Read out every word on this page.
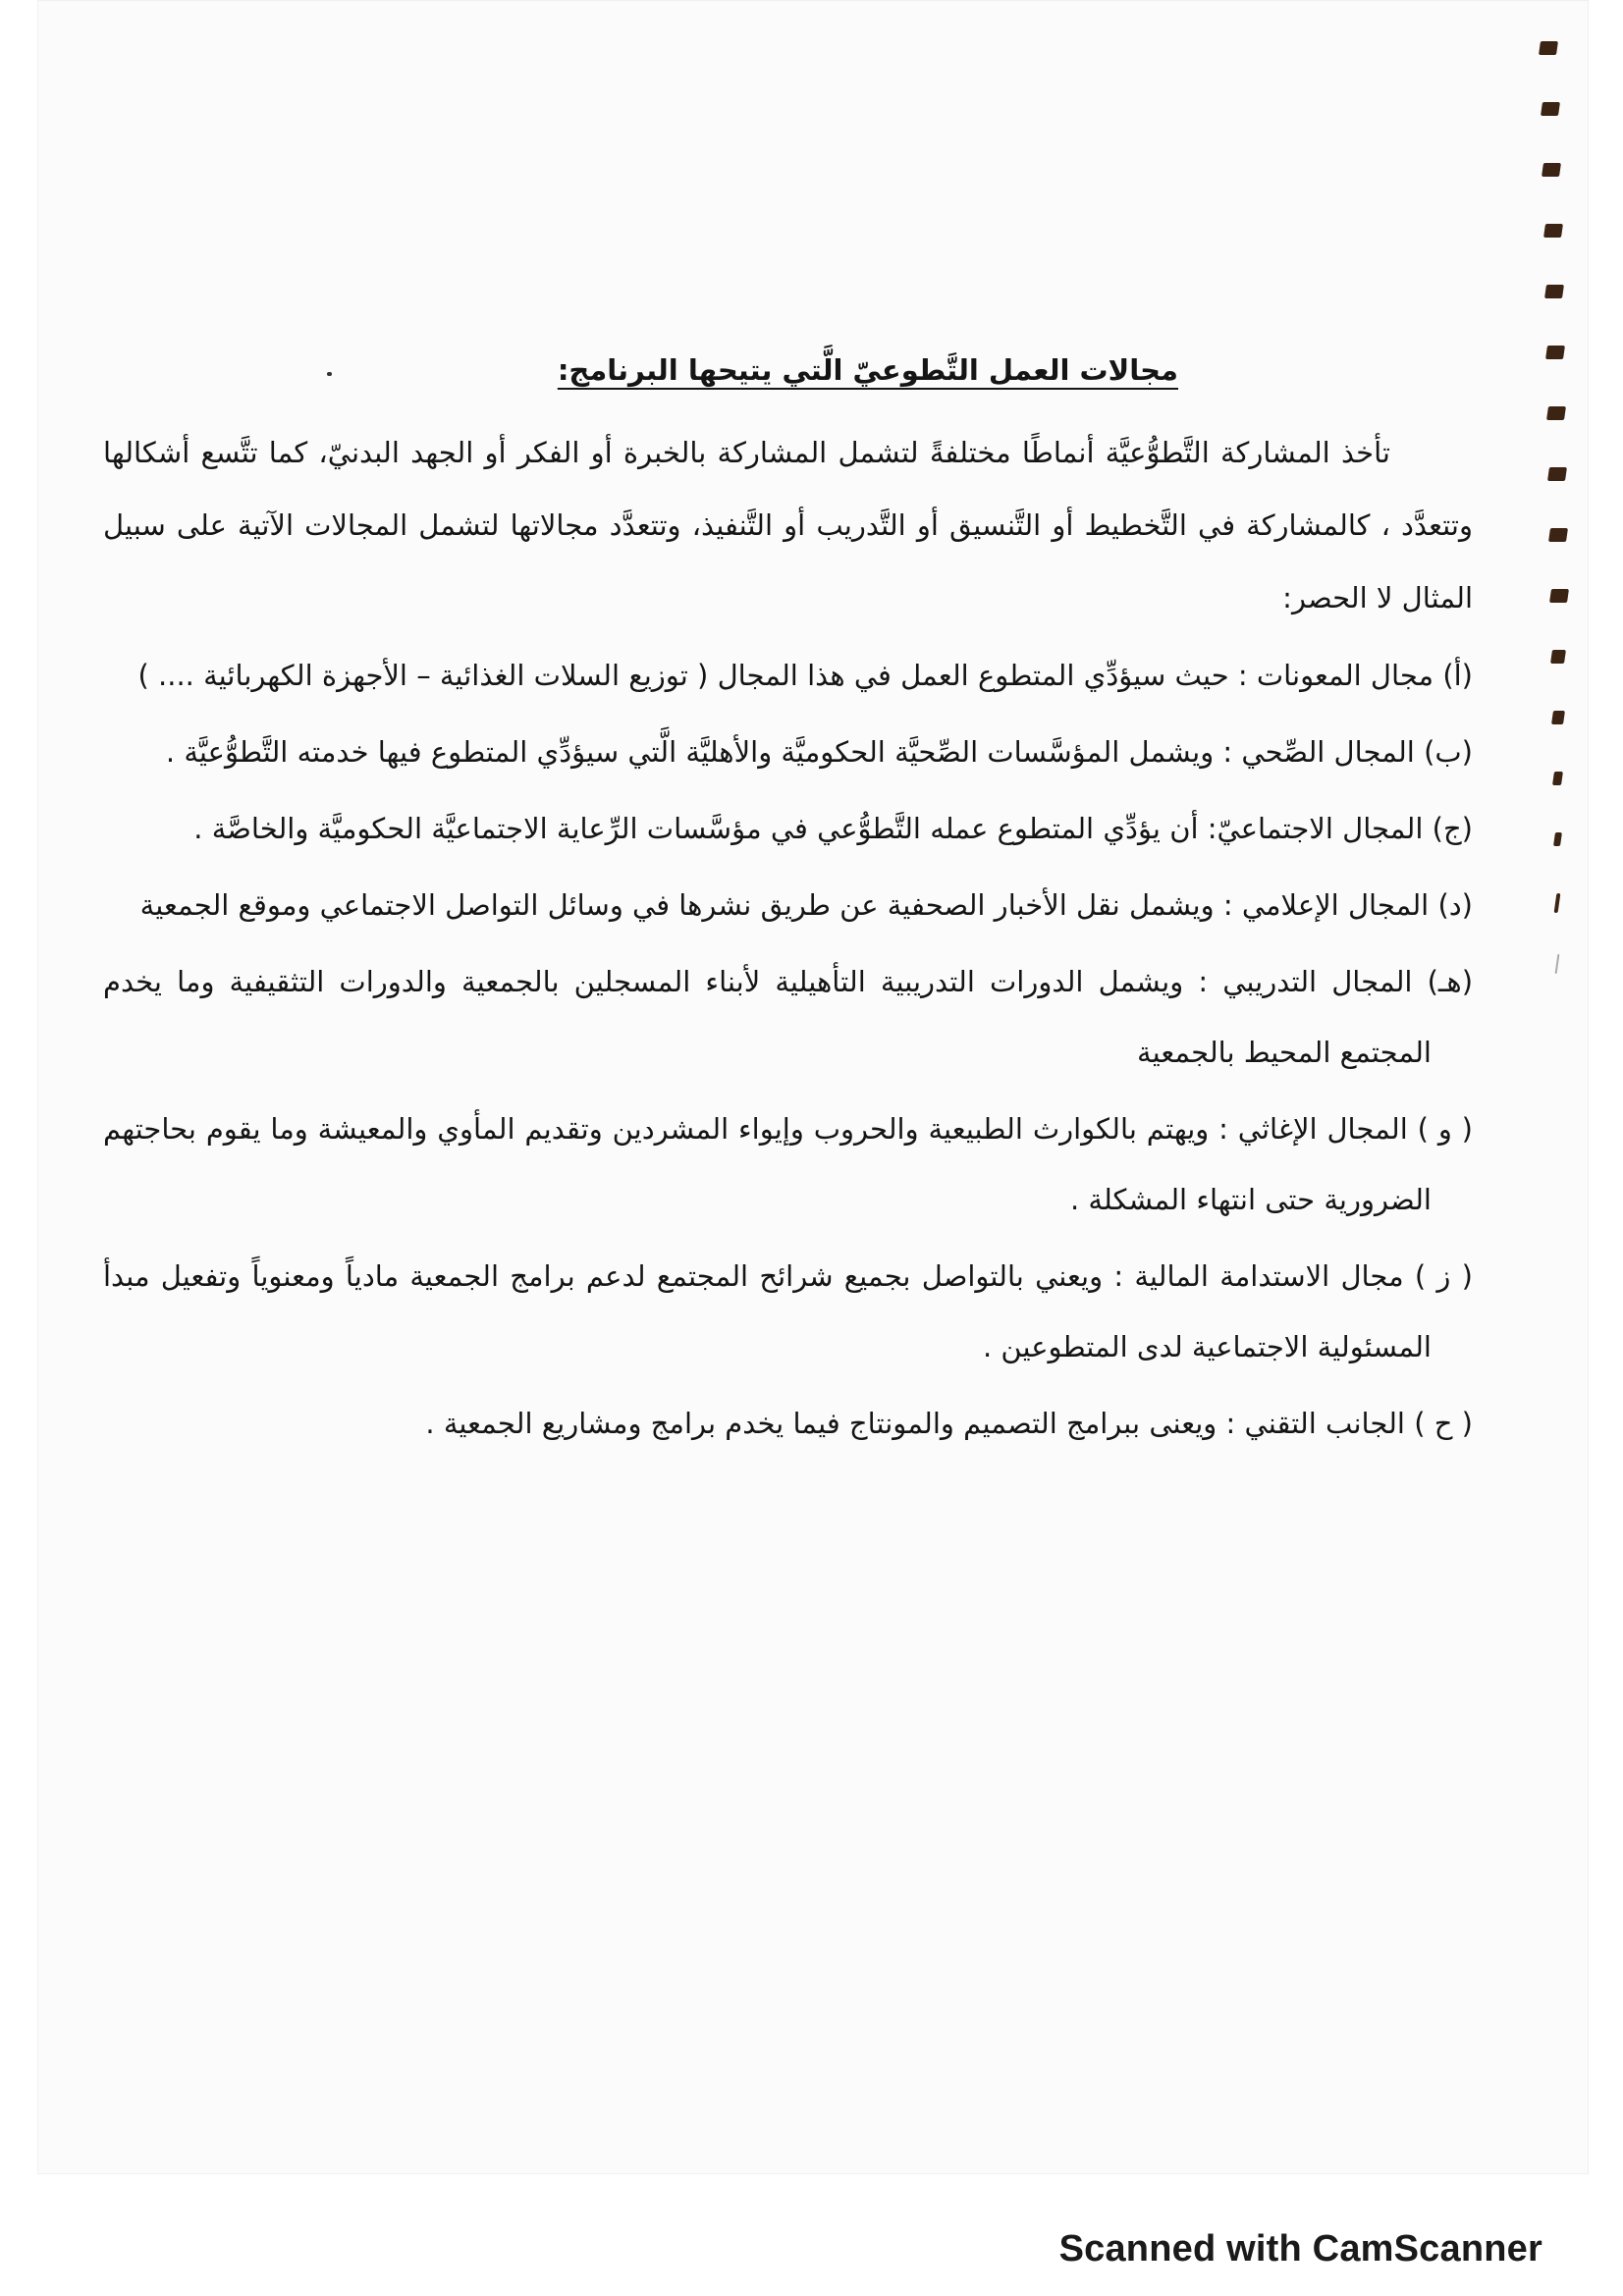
مجالات العمل التَّطوعيّ الَّتي يتيحها البرنامج:

تأخذ المشاركة التَّطوُّعيَّة أنماطًا مختلفةً لتشمل المشاركة بالخبرة أو الفكر أو الجهد البدنيّ، كما تتَّسع أشكالها وتتعدَّد ، كالمشاركة في التَّخطيط أو التَّنسيق أو التَّدريب أو التَّنفيذ، وتتعدَّد مجالاتها لتشمل المجالات الآتية على سبيل المثال لا الحصر:

(أ) مجال المعونات : حيث سيؤدِّي المتطوع العمل في هذا المجال ( توزيع السلات الغذائية – الأجهزة الكهربائية .... )

(ب) المجال الصِّحي : ويشمل المؤسَّسات الصِّحيَّة الحكوميَّة والأهليَّة الَّتي سيؤدِّي المتطوع فيها خدمته التَّطوُّعيَّة .

(ج) المجال الاجتماعيّ: أن يؤدِّي المتطوع عمله التَّطوُّعي في مؤسَّسات الرِّعاية الاجتماعيَّة الحكوميَّة والخاصَّة .

(د) المجال الإعلامي : ويشمل نقل الأخبار الصحفية عن طريق نشرها في وسائل التواصل الاجتماعي وموقع الجمعية

(هـ) المجال التدريبي : ويشمل الدورات التدريبية التأهيلية لأبناء المسجلين بالجمعية والدورات التثقيفية وما يخدم المجتمع المحيط بالجمعية

( و ) المجال الإغاثي : ويهتم بالكوارث الطبيعية والحروب وإيواء المشردين وتقديم المأوي والمعيشة وما يقوم بحاجتهم الضرورية حتى انتهاء المشكلة .

( ز ) مجال الاستدامة المالية : ويعني بالتواصل بجميع شرائح المجتمع لدعم برامج الجمعية مادياً ومعنوياً وتفعيل مبدأ المسئولية الاجتماعية لدى المتطوعين .

( ح ) الجانب التقني : ويعنى ببرامج التصميم والمونتاج فيما يخدم برامج ومشاريع الجمعية .

Scanned with CamScanner
